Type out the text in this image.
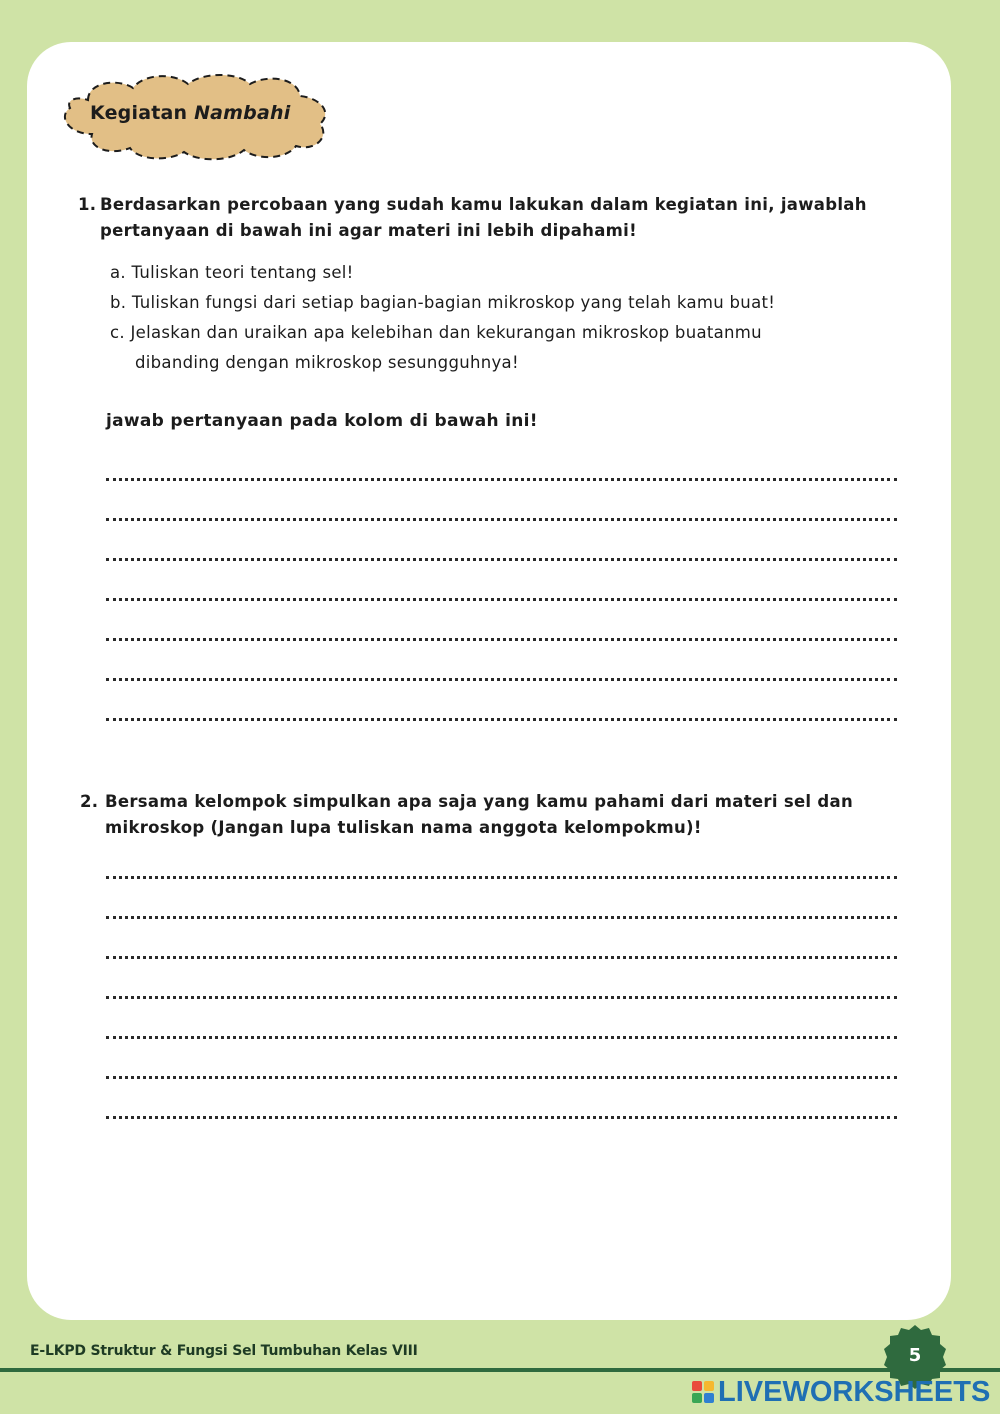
Kegiatan Nambahi
1. Berdasarkan percobaan yang sudah kamu lakukan dalam kegiatan ini, jawablah pertanyaan di bawah ini agar materi ini lebih dipahami!
a. Tuliskan teori tentang sel!
b. Tuliskan fungsi dari setiap bagian-bagian mikroskop yang telah kamu buat!
c. Jelaskan dan uraikan apa kelebihan dan kekurangan mikroskop buatanmu
dibanding dengan mikroskop sesungguhnya!
jawab pertanyaan pada kolom di bawah ini!
2. Bersama kelompok simpulkan apa saja yang kamu pahami dari materi sel dan mikroskop (Jangan lupa tuliskan nama anggota kelompokmu)!
E-LKPD Struktur & Fungsi Sel Tumbuhan Kelas VIII	5
LIVEWORKSHEETS
